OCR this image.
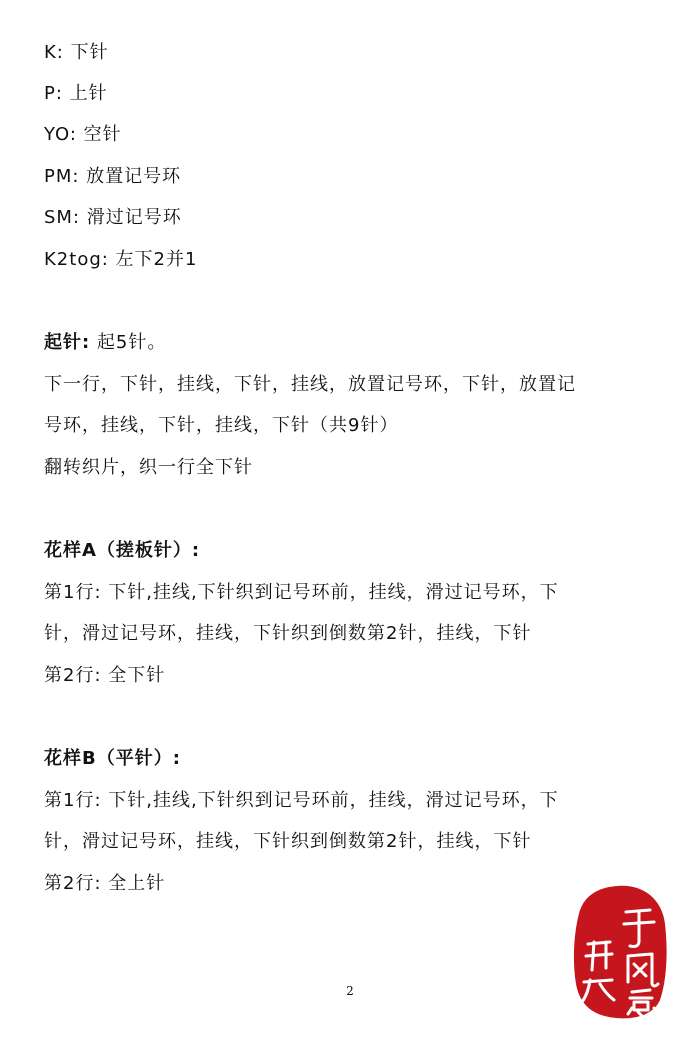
K: 下针
P: 上针
YO: 空针
PM: 放置记号环
SM: 滑过记号环
K2tog: 左下2并1
起针: 起5针。
下一行，下针，挂线，下针，挂线，放置记号环，下针，放置记
号环，挂线，下针，挂线，下针（共9针）
翻转织片，织一行全下针
花样A（搓板针）:
第1行: 下针,挂线,下针织到记号环前，挂线，滑过记号环，下
针，滑过记号环，挂线，下针织到倒数第2针，挂线，下针
第2行: 全下针
花样B（平针）:
第1行: 下针,挂线,下针织到记号环前，挂线，滑过记号环，下
针，滑过记号环，挂线，下针织到倒数第2针，挂线，下针
第2行: 全上针
2
